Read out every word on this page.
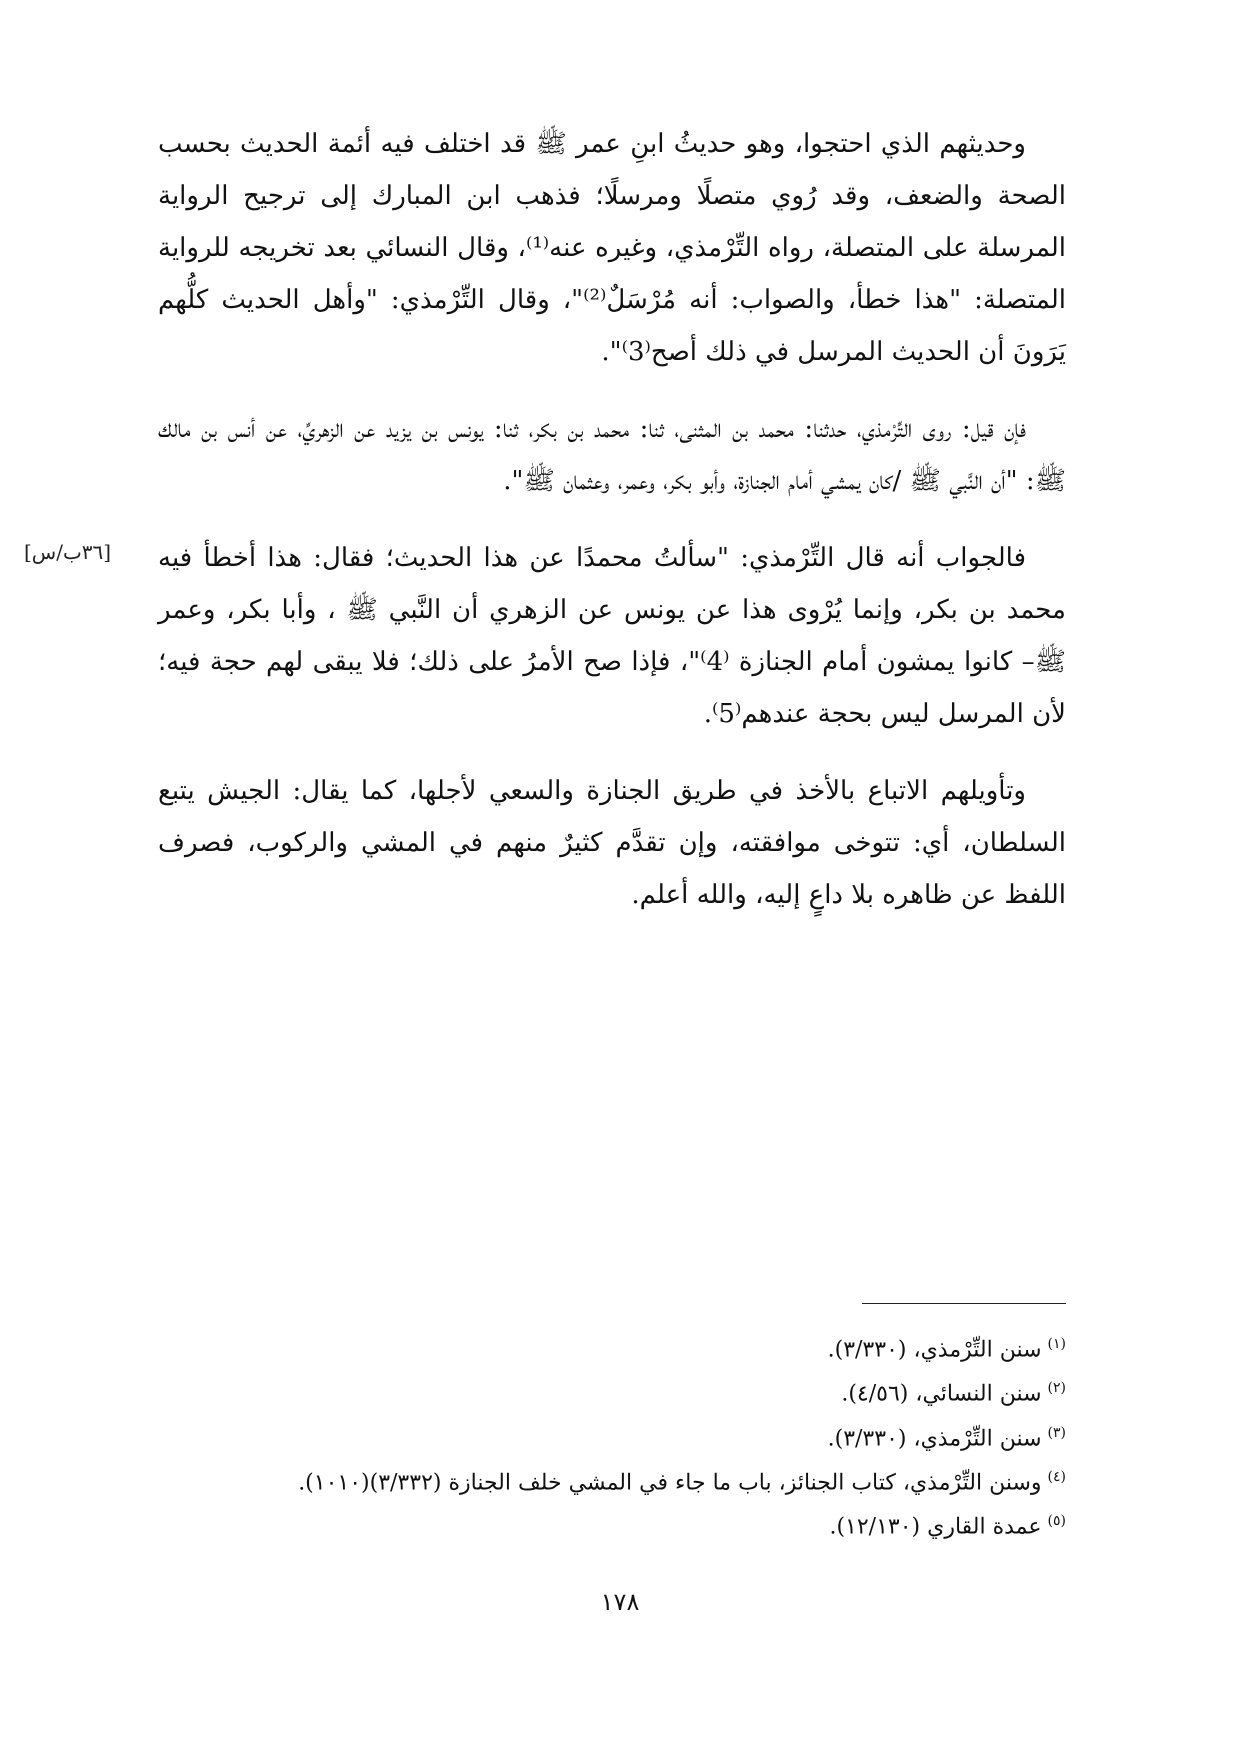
وحديثهم الذي احتجوا، وهو حديثُ ابنِ عمر ﷺ قد اختلف فيه أئمة الحديث بحسب الصحة والضعف، وقد رُوي متصلًا ومرسلًا؛ فذهب ابن المبارك إلى ترجيح الرواية المرسلة على المتصلة، رواه التِّرْمذي، وغيره عنه⁽¹⁾، وقال النسائي بعد تخريجه للرواية المتصلة: "هذا خطأ، والصواب: أنه مُرْسَلٌ⁽²⁾"، وقال التِّرْمذي: "وأهل الحديث كلُّهم يَرَونَ أن الحديث المرسل في ذلك أصح⁽3⁾".

فإن قيل: روى التِّرْمذي، حدثنا: محمد بن المثنى، ثنا: محمد بن بكر، ثنا: يونس بن يزيد عن الزهريِّ، عن أنس بن مالك ﷺ: "أن النَّبي ﷺ /كان يمشي أمام الجنازة، وأبو بكر، وعمر، وعثمان ﷺ".

فالجواب أنه قال التِّرْمذي: "سألتُ محمدًا عن هذا الحديث؛ فقال: هذا أخطأ فيه محمد بن بكر، وإنما يُرْوى هذا عن يونس عن الزهري أن النَّبي ﷺ ، وأبا بكر، وعمر ﷺ– كانوا يمشون أمام الجنازة ⁽4⁾"، فإذا صح الأمرُ على ذلك؛ فلا يبقى لهم حجة فيه؛ لأن المرسل ليس بحجة عندهم⁽5⁾.

وتأويلهم الاتباع بالأخذ في طريق الجنازة والسعي لأجلها، كما يقال: الجيش يتبع السلطان، أي: تتوخى موافقته، وإن تقدَّم كثيرٌ منهم في المشي والركوب، فصرف اللفظ عن ظاهره بلا داعٍ إليه، والله أعلم.

[٣٦ب/س]

$^{(١)}$سنن التِّرْمذي، (٣/٣٣٠).

$^{(٢)}$سنن النسائي، (٤/٥٦).

$^{(٣)}$سنن التِّرْمذي، (٣/٣٣٠).

$^{(٤)}$وسنن التِّرْمذي، كتاب الجنائز، باب ما جاء في المشي خلف الجنازة (٣/٣٣٢)(١٠١٠).

$^{(٥)}$عمدة القاري (١٢/١٣٠).

١٧٨
